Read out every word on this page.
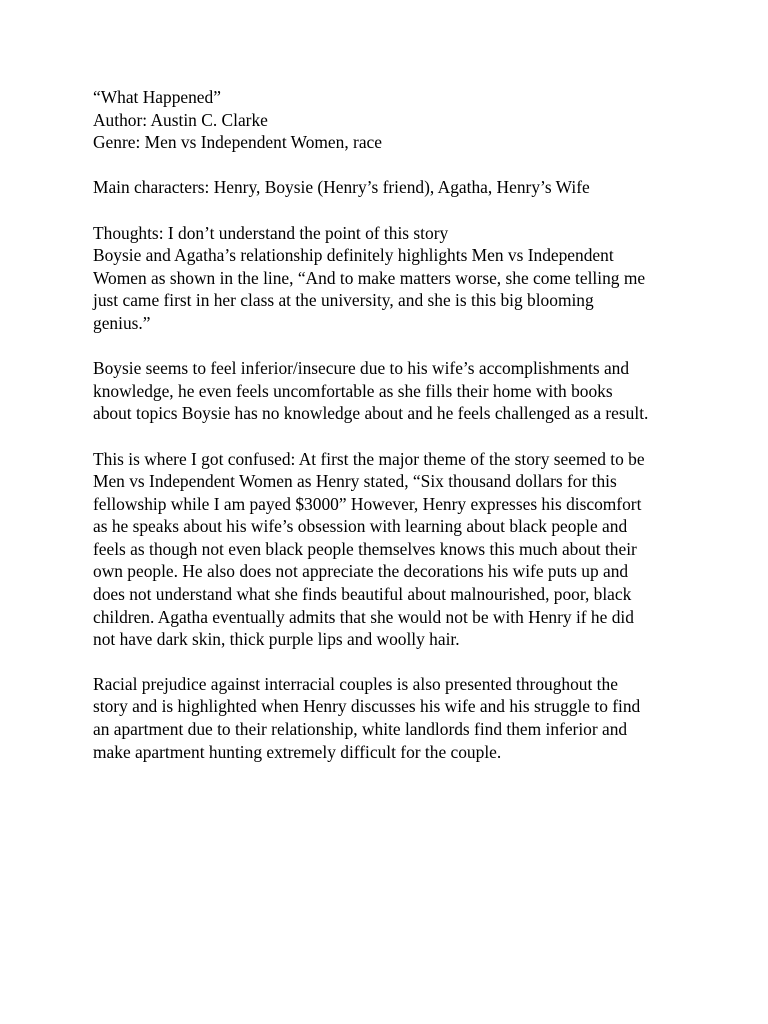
“What Happened”
Author: Austin C. Clarke
Genre: Men vs Independent Women, race
Main characters: Henry, Boysie (Henry’s friend), Agatha, Henry’s Wife
Thoughts: I don’t understand the point of this story
Boysie and Agatha’s relationship definitely highlights Men vs Independent
Women as shown in the line, “And to make matters worse, she come telling me
just came first in her class at the university, and she is this big blooming
genius.”
Boysie seems to feel inferior/insecure due to his wife’s accomplishments and
knowledge, he even feels uncomfortable as she fills their home with books
about topics Boysie has no knowledge about and he feels challenged as a result.
This is where I got confused: At first the major theme of the story seemed to be
Men vs Independent Women as Henry stated, “Six thousand dollars for this
fellowship while I am payed $3000” However, Henry expresses his discomfort
as he speaks about his wife’s obsession with learning about black people and
feels as though not even black people themselves knows this much about their
own people. He also does not appreciate the decorations his wife puts up and
does not understand what she finds beautiful about malnourished, poor, black
children. Agatha eventually admits that she would not be with Henry if he did
not have dark skin, thick purple lips and woolly hair.
Racial prejudice against interracial couples is also presented throughout the
story and is highlighted when Henry discusses his wife and his struggle to find
an apartment due to their relationship, white landlords find them inferior and
make apartment hunting extremely difficult for the couple.
